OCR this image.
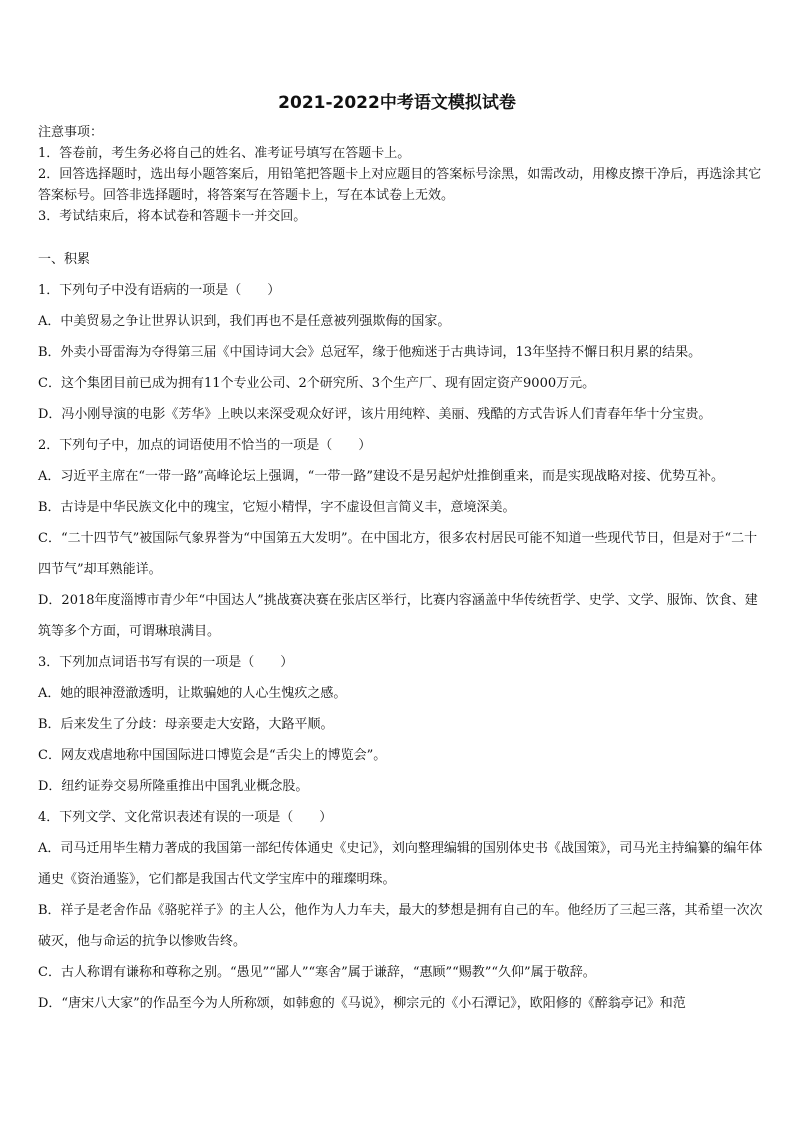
2021-2022中考语文模拟试卷

注意事项：

1．答卷前，考生务必将自己的姓名、准考证号填写在答题卡上。

2．回答选择题时，选出每小题答案后，用铅笔把答题卡上对应题目的答案标号涂黑，如需改动，用橡皮擦干净后，再选涂其它答案标号。回答非选择题时，将答案写在答题卡上，写在本试卷上无效。

3．考试结束后，将本试卷和答题卡一并交回。

一、积累

1．下列句子中没有语病的一项是（　　）

A．中美贸易之争让世界认识到，我们再也不是任意被列强欺侮的国家。

B．外卖小哥雷海为夺得第三届《中国诗词大会》总冠军，缘于他痴迷于古典诗词，13年坚持不懈日积月累的结果。

C．这个集团目前已成为拥有11个专业公司、2个研究所、3个生产厂、现有固定资产9000万元。

D．冯小刚导演的电影《芳华》上映以来深受观众好评，该片用纯粹、美丽、残酷的方式告诉人们青春年华十分宝贵。

2．下列句子中，加点的词语使用不恰当的一项是（　　）

A．习近平主席在“一带一路”高峰论坛上强调，“一带一路”建设不是另起炉灶推倒重来，而是实现战略对接、优势互补。

B．古诗是中华民族文化中的瑰宝，它短小精悍，字不虚设但言简义丰，意境深美。

C．“二十四节气”被国际气象界誉为“中国第五大发明”。在中国北方，很多农村居民可能不知道一些现代节日，但是对于“二十四节气”却耳熟能详。

D．2018年度淄博市青少年“中国达人”挑战赛决赛在张店区举行，比赛内容涵盖中华传统哲学、史学、文学、服饰、饮食、建筑等多个方面，可谓琳琅满目。

3．下列加点词语书写有误的一项是（　　）

A．她的眼神澄澈透明，让欺骗她的人心生愧疚之感。

B．后来发生了分歧：母亲要走大安路，大路平顺。

C．网友戏虐地称中国国际进口博览会是“舌尖上的博览会”。

D．纽约证券交易所隆重推出中国乳业概念股。

4．下列文学、文化常识表述有误的一项是（　　）

A．司马迁用毕生精力著成的我国第一部纪传体通史《史记》，刘向整理编辑的国别体史书《战国策》，司马光主持编纂的编年体通史《资治通鉴》，它们都是我国古代文学宝库中的璀璨明珠。

B．祥子是老舍作品《骆驼祥子》的主人公，他作为人力车夫，最大的梦想是拥有自己的车。他经历了三起三落，其希望一次次破灭，他与命运的抗争以惨败告终。

C．古人称谓有谦称和尊称之别。“愚见”“鄙人”“寒舍”属于谦辞，“惠顾”“赐教”“久仰”属于敬辞。

D．“唐宋八大家”的作品至今为人所称颂，如韩愈的《马说》，柳宗元的《小石潭记》，欧阳修的《醉翁亭记》和范
